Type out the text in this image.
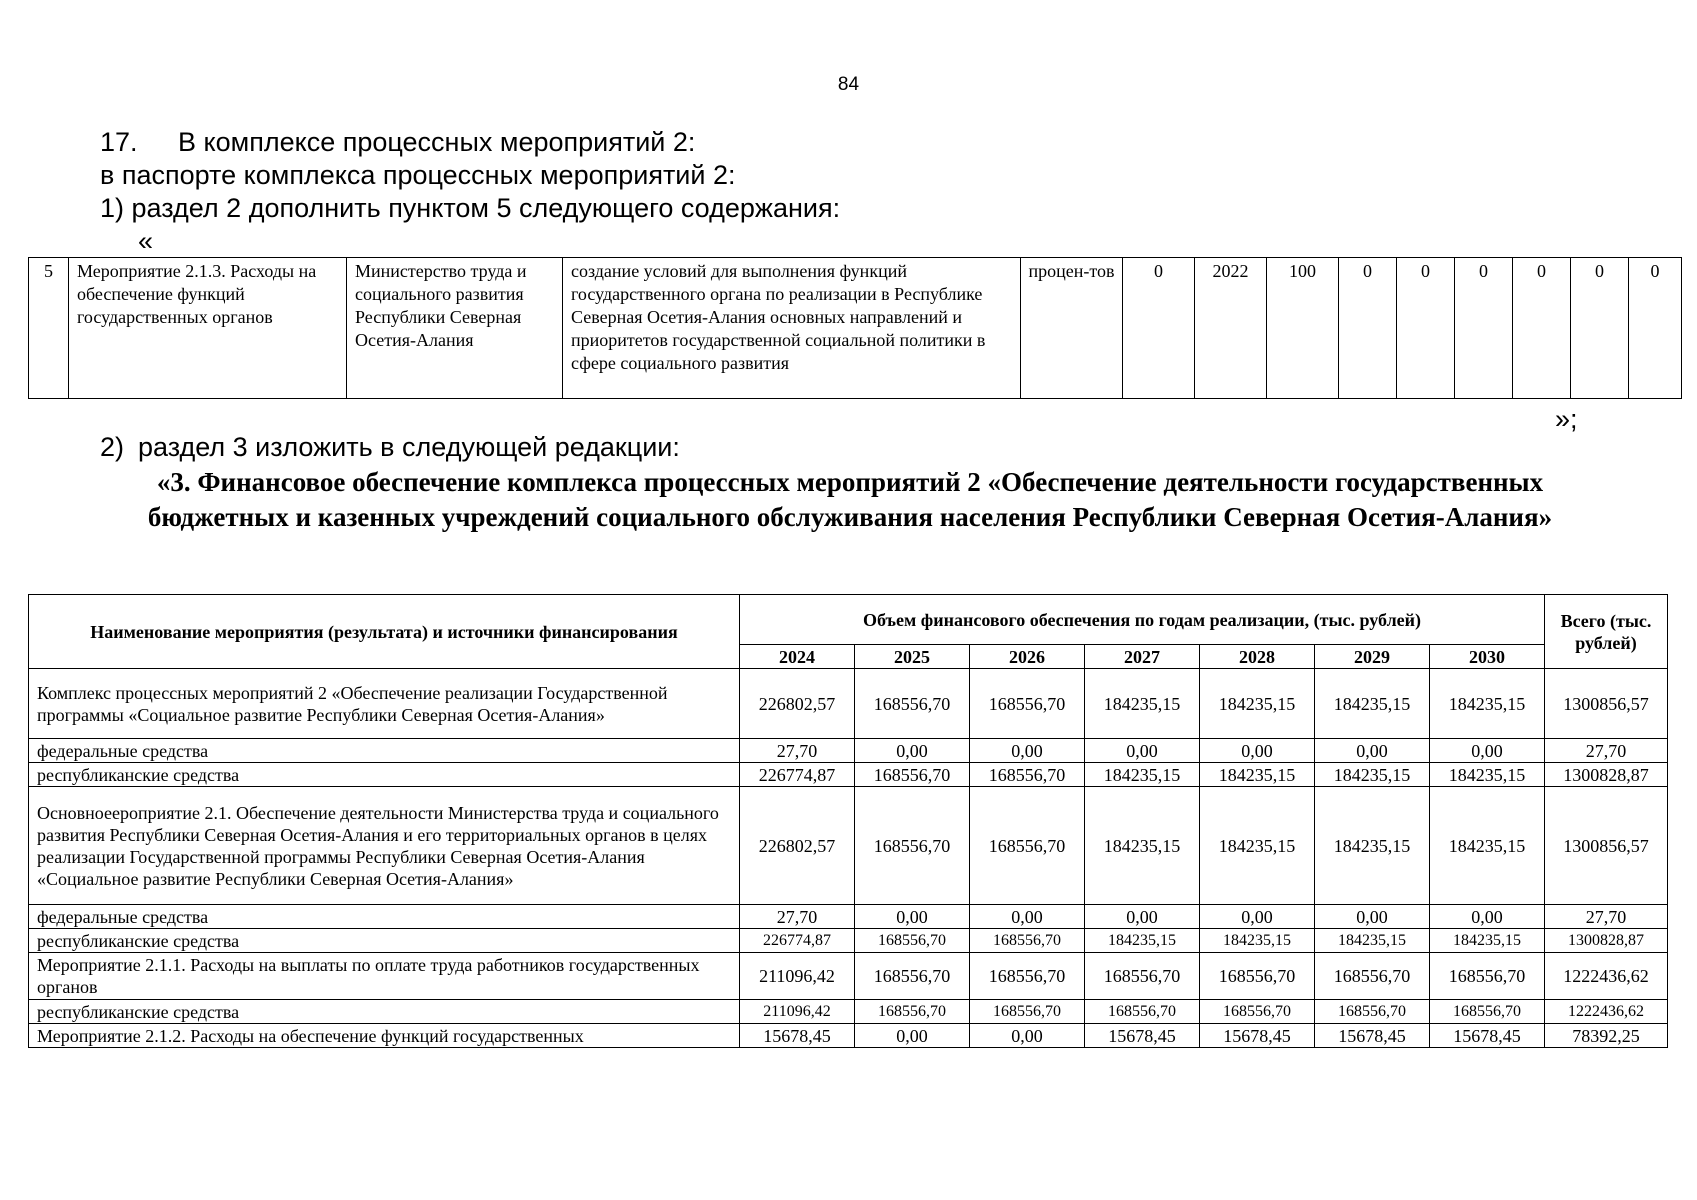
84
17. В комплексе процессных мероприятий 2:
в паспорте комплекса процессных мероприятий 2:
1) раздел 2 дополнить пунктом 5 следующего содержания:
«
5	Мероприятие 2.1.3. Расходы на обеспечение функций государственных органов	Министерство труда и социального развития Республики Северная Осетия-Алания	создание условий для выполнения функций государственного органа по реализации в Республике Северная Осетия-Алания основных направлений и приоритетов государственной социальной политики в сфере социального развития	процен-тов	0	2022	100	0	0	0	0	0	0
»;
2) раздел 3 изложить в следующей редакции:
«3. Финансовое обеспечение комплекса процессных мероприятий 2 «Обеспечение деятельности государственных бюджетных и казенных учреждений социального обслуживания населения Республики Северная Осетия-Алания»
Наименование мероприятия (результата) и источники финансирования	Объем финансового обеспечения по годам реализации, (тыс. рублей)							Всего (тыс. рублей)
	2024	2025	2026	2027	2028	2029	2030	
Комплекс процессных мероприятий 2 «Обеспечение реализации Государственной программы «Социальное развитие Республики Северная Осетия-Алания»	226802,57	168556,70	168556,70	184235,15	184235,15	184235,15	184235,15	1300856,57
федеральные средства	27,70	0,00	0,00	0,00	0,00	0,00	0,00	27,70
республиканские средства	226774,87	168556,70	168556,70	184235,15	184235,15	184235,15	184235,15	1300828,87
Основноеероприятие 2.1. Обеспечение деятельности Министерства труда и социального развития Республики Северная Осетия-Алания и его территориальных органов в целях реализации Государственной программы Республики Северная Осетия-Алания «Социальное развитие Республики Северная Осетия-Алания»	226802,57	168556,70	168556,70	184235,15	184235,15	184235,15	184235,15	1300856,57
федеральные средства	27,70	0,00	0,00	0,00	0,00	0,00	0,00	27,70
республиканские средства	226774,87	168556,70	168556,70	184235,15	184235,15	184235,15	184235,15	1300828,87
Мероприятие 2.1.1. Расходы на выплаты по оплате труда работников государственных органов	211096,42	168556,70	168556,70	168556,70	168556,70	168556,70	168556,70	1222436,62
республиканские средства	211096,42	168556,70	168556,70	168556,70	168556,70	168556,70	168556,70	1222436,62
Мероприятие 2.1.2. Расходы на обеспечение функций государственных	15678,45	0,00	0,00	15678,45	15678,45	15678,45	15678,45	78392,25
